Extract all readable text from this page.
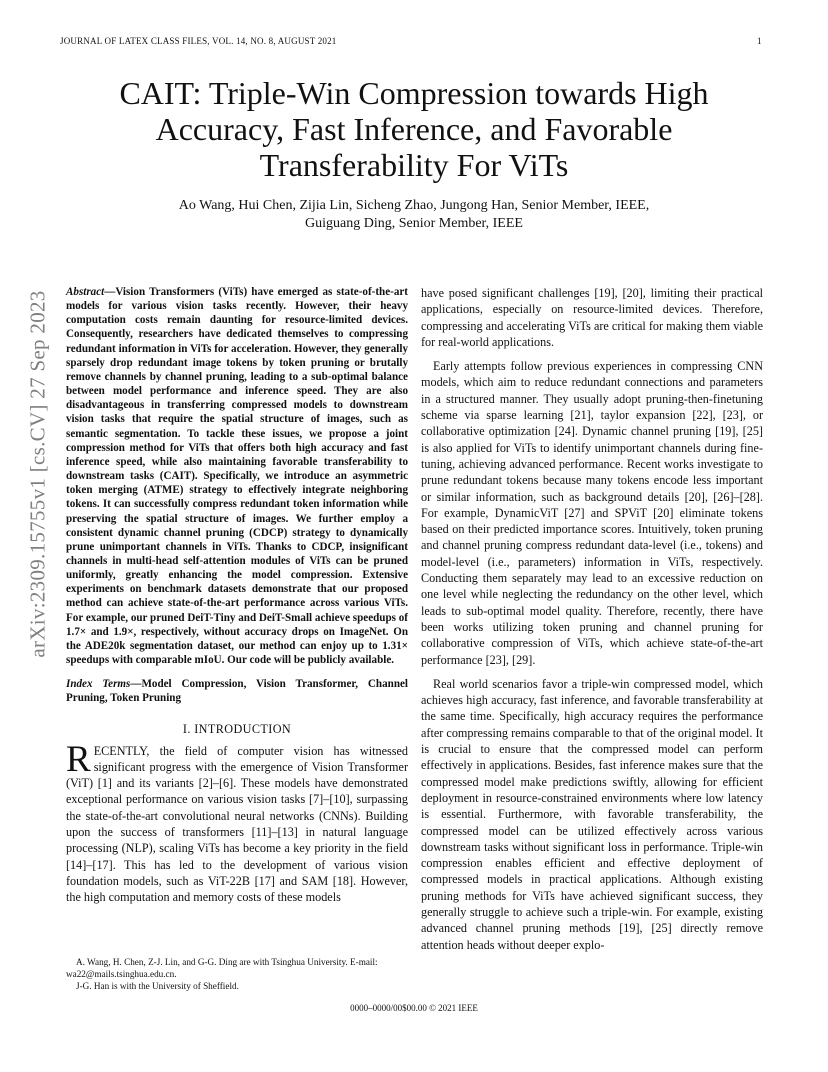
JOURNAL OF LATEX CLASS FILES, VOL. 14, NO. 8, AUGUST 2021	1
CAIT: Triple-Win Compression towards High
Accuracy, Fast Inference, and Favorable
Transferability For ViTs
Ao Wang, Hui Chen, Zijia Lin, Sicheng Zhao, Jungong Han, Senior Member, IEEE,
Guiguang Ding, Senior Member, IEEE
arXiv:2309.15755v1 [cs.CV] 27 Sep 2023 Abstract—Vision Transformers (ViTs) have emerged as state-of-the-art models for various vision tasks recently. However, their heavy computation costs remain daunting for resource-limited devices. Consequently, researchers have dedicated themselves to compressing redundant information in ViTs for acceleration. However, they generally sparsely drop redundant image tokens by token pruning or brutally remove channels by channel pruning, leading to a sub-optimal balance between model performance and inference speed. They are also disadvantageous in transferring compressed models to downstream vision tasks that require the spatial structure of images, such as semantic segmentation. To tackle these issues, we propose a joint compression method for ViTs that offers both high accuracy and fast inference speed, while also maintaining favorable transferability to downstream tasks (CAIT). Specifically, we introduce an asymmetric token merging (ATME) strategy to effectively integrate neighboring tokens. It can successfully compress redundant token information while preserving the spatial structure of images. We further employ a consistent dynamic channel pruning (CDCP) strategy to dynamically prune unimportant channels in ViTs. Thanks to CDCP, insignificant channels in multi-head self-attention modules of ViTs can be pruned uniformly, greatly enhancing the model compression. Extensive experiments on benchmark datasets demonstrate that our proposed method can achieve state-of-the-art performance across various ViTs. For example, our pruned DeiT-Tiny and DeiT-Small achieve speedups of 1.7× and 1.9×, respectively, without accuracy drops on ImageNet. On the ADE20k segmentation dataset, our method can enjoy up to 1.31× speedups with comparable mIoU. Our code will be publicly available.

Index Terms—Model Compression, Vision Transformer, Channel Pruning, Token Pruning

I. INTRODUCTION

RECENTLY, the field of computer vision has witnessed significant progress with the emergence of Vision Transformer (ViT) [1] and its variants [2]–[6]. These models have demonstrated exceptional performance on various vision tasks [7]–[10], surpassing the state-of-the-art convolutional neural networks (CNNs). Building upon the success of transformers [11]–[13] in natural language processing (NLP), scaling ViTs has become a key priority in the field [14]–[17]. This has led to the development of various vision foundation models, such as ViT-22B [17] and SAM [18]. However, the high computation and memory costs of these models

have posed significant challenges [19], [20], limiting their practical applications, especially on resource-limited devices. Therefore, compressing and accelerating ViTs are critical for making them viable for real-world applications.

Early attempts follow previous experiences in compressing CNN models, which aim to reduce redundant connections and parameters in a structured manner. They usually adopt pruning-then-finetuning scheme via sparse learning [21], taylor expansion [22], [23], or collaborative optimization [24]. Dynamic channel pruning [19], [25] is also applied for ViTs to identify unimportant channels during fine-tuning, achieving advanced performance. Recent works investigate to prune redundant tokens because many tokens encode less important or similar information, such as background details [20], [26]–[28]. For example, DynamicViT [27] and SPViT [20] eliminate tokens based on their predicted importance scores. Intuitively, token pruning and channel pruning compress redundant data-level (i.e., tokens) and model-level (i.e., parameters) information in ViTs, respectively. Conducting them separately may lead to an excessive reduction on one level while neglecting the redundancy on the other level, which leads to sub-optimal model quality. Therefore, recently, there have been works utilizing token pruning and channel pruning for collaborative compression of ViTs, which achieve state-of-the-art performance [23], [29].

Real world scenarios favor a triple-win compressed model, which achieves high accuracy, fast inference, and favorable transferability at the same time. Specifically, high accuracy requires the performance after compressing remains comparable to that of the original model. It is crucial to ensure that the compressed model can perform effectively in applications. Besides, fast inference makes sure that the compressed model make predictions swiftly, allowing for efficient deployment in resource-constrained environments where low latency is essential. Furthermore, with favorable transferability, the compressed model can be utilized effectively across various downstream tasks without significant loss in performance. Triple-win compression enables efficient and effective deployment of compressed models in practical applications. Although existing pruning methods for ViTs have achieved significant success, they generally struggle to achieve such a triple-win. For example, existing advanced channel pruning methods [19], [25] directly remove attention heads without deeper explo-

A. Wang, H. Chen, Z-J. Lin, and G-G. Ding are with Tsinghua University. E-mail: wa22@mails.tsinghua.edu.cn.

J-G. Han is with the University of Sheffield.

0000–0000/00$00.00 © 2021 IEEE
